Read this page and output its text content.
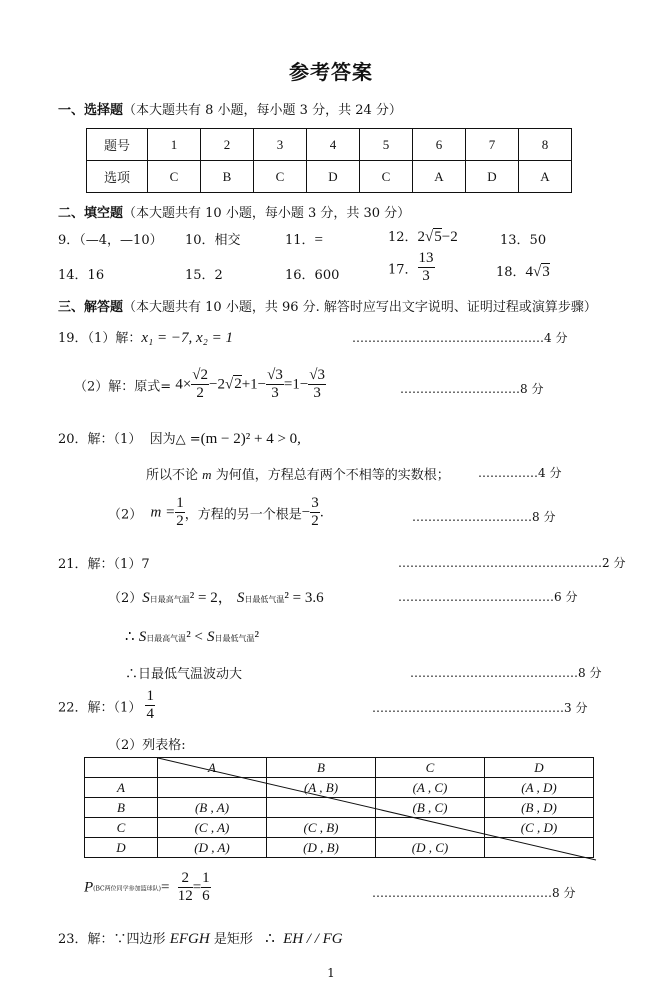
参考答案
一、选择题（本大题共有 8 小题，每小题 3 分，共 24 分）
题号	1	2	3	4	5	6	7	8
选项	C	B	C	D	C	A	D	A
二、填空题（本大题共有 10 小题，每小题 3 分，共 30 分）
9．（—4，—10） 10．相交	11．=	12．2√5−2	13．50
14．16	15．2	16．600	17． $\frac{13}{3}$	18．4√3
三、解答题（本大题共有 10 小题，共 96 分. 解答时应写出文字说明、证明过程或演算步骤）
19．（1）解：x₁ = −7, x₂ = 1	…………………………………………4 分
（2）解：原式= $4\times \frac{√2}{2} -2√2+1- \frac{√3}{3} =1- \frac{√3}{3}$	…………………………8 分
20．解：（1） 因为△ =(m − 2)² + 4 > 0,
所以不论 m 为何值，方程总有两个不相等的实数根； ……………4 分
（2） $m = \frac{1}{2}$ ，方程的另一个根是− $\frac{3}{2}$ .	…………………………8 分
21．解：（1）7	……………………………………………2 分
（2）S日最高气温² = 2， S日最低气温² = 3.6	…………………………………6 分
∴ S日最高气温² < S日最低气温²
∴日最低气温波动大	……………………………………8 分
22．解：$(1) \frac{1}{4}$	…………………………………………3 分
（2）列表格:
	A	B	C	D
A		(A , B)	(A , C)	(A , D)
B	(B , A)		(B , C)	(B , D)
C	(C , A)	(C , B)		(C , D)
D	(D , A)	(D , B)	(D , C)	
P(BC两位同学参加篮球队)= $\frac{2}{12} = \frac{1}{6}$	………………………………………8 分
23．解：∵四边形 EFGH 是矩形 ∴ EH / / FG
1
